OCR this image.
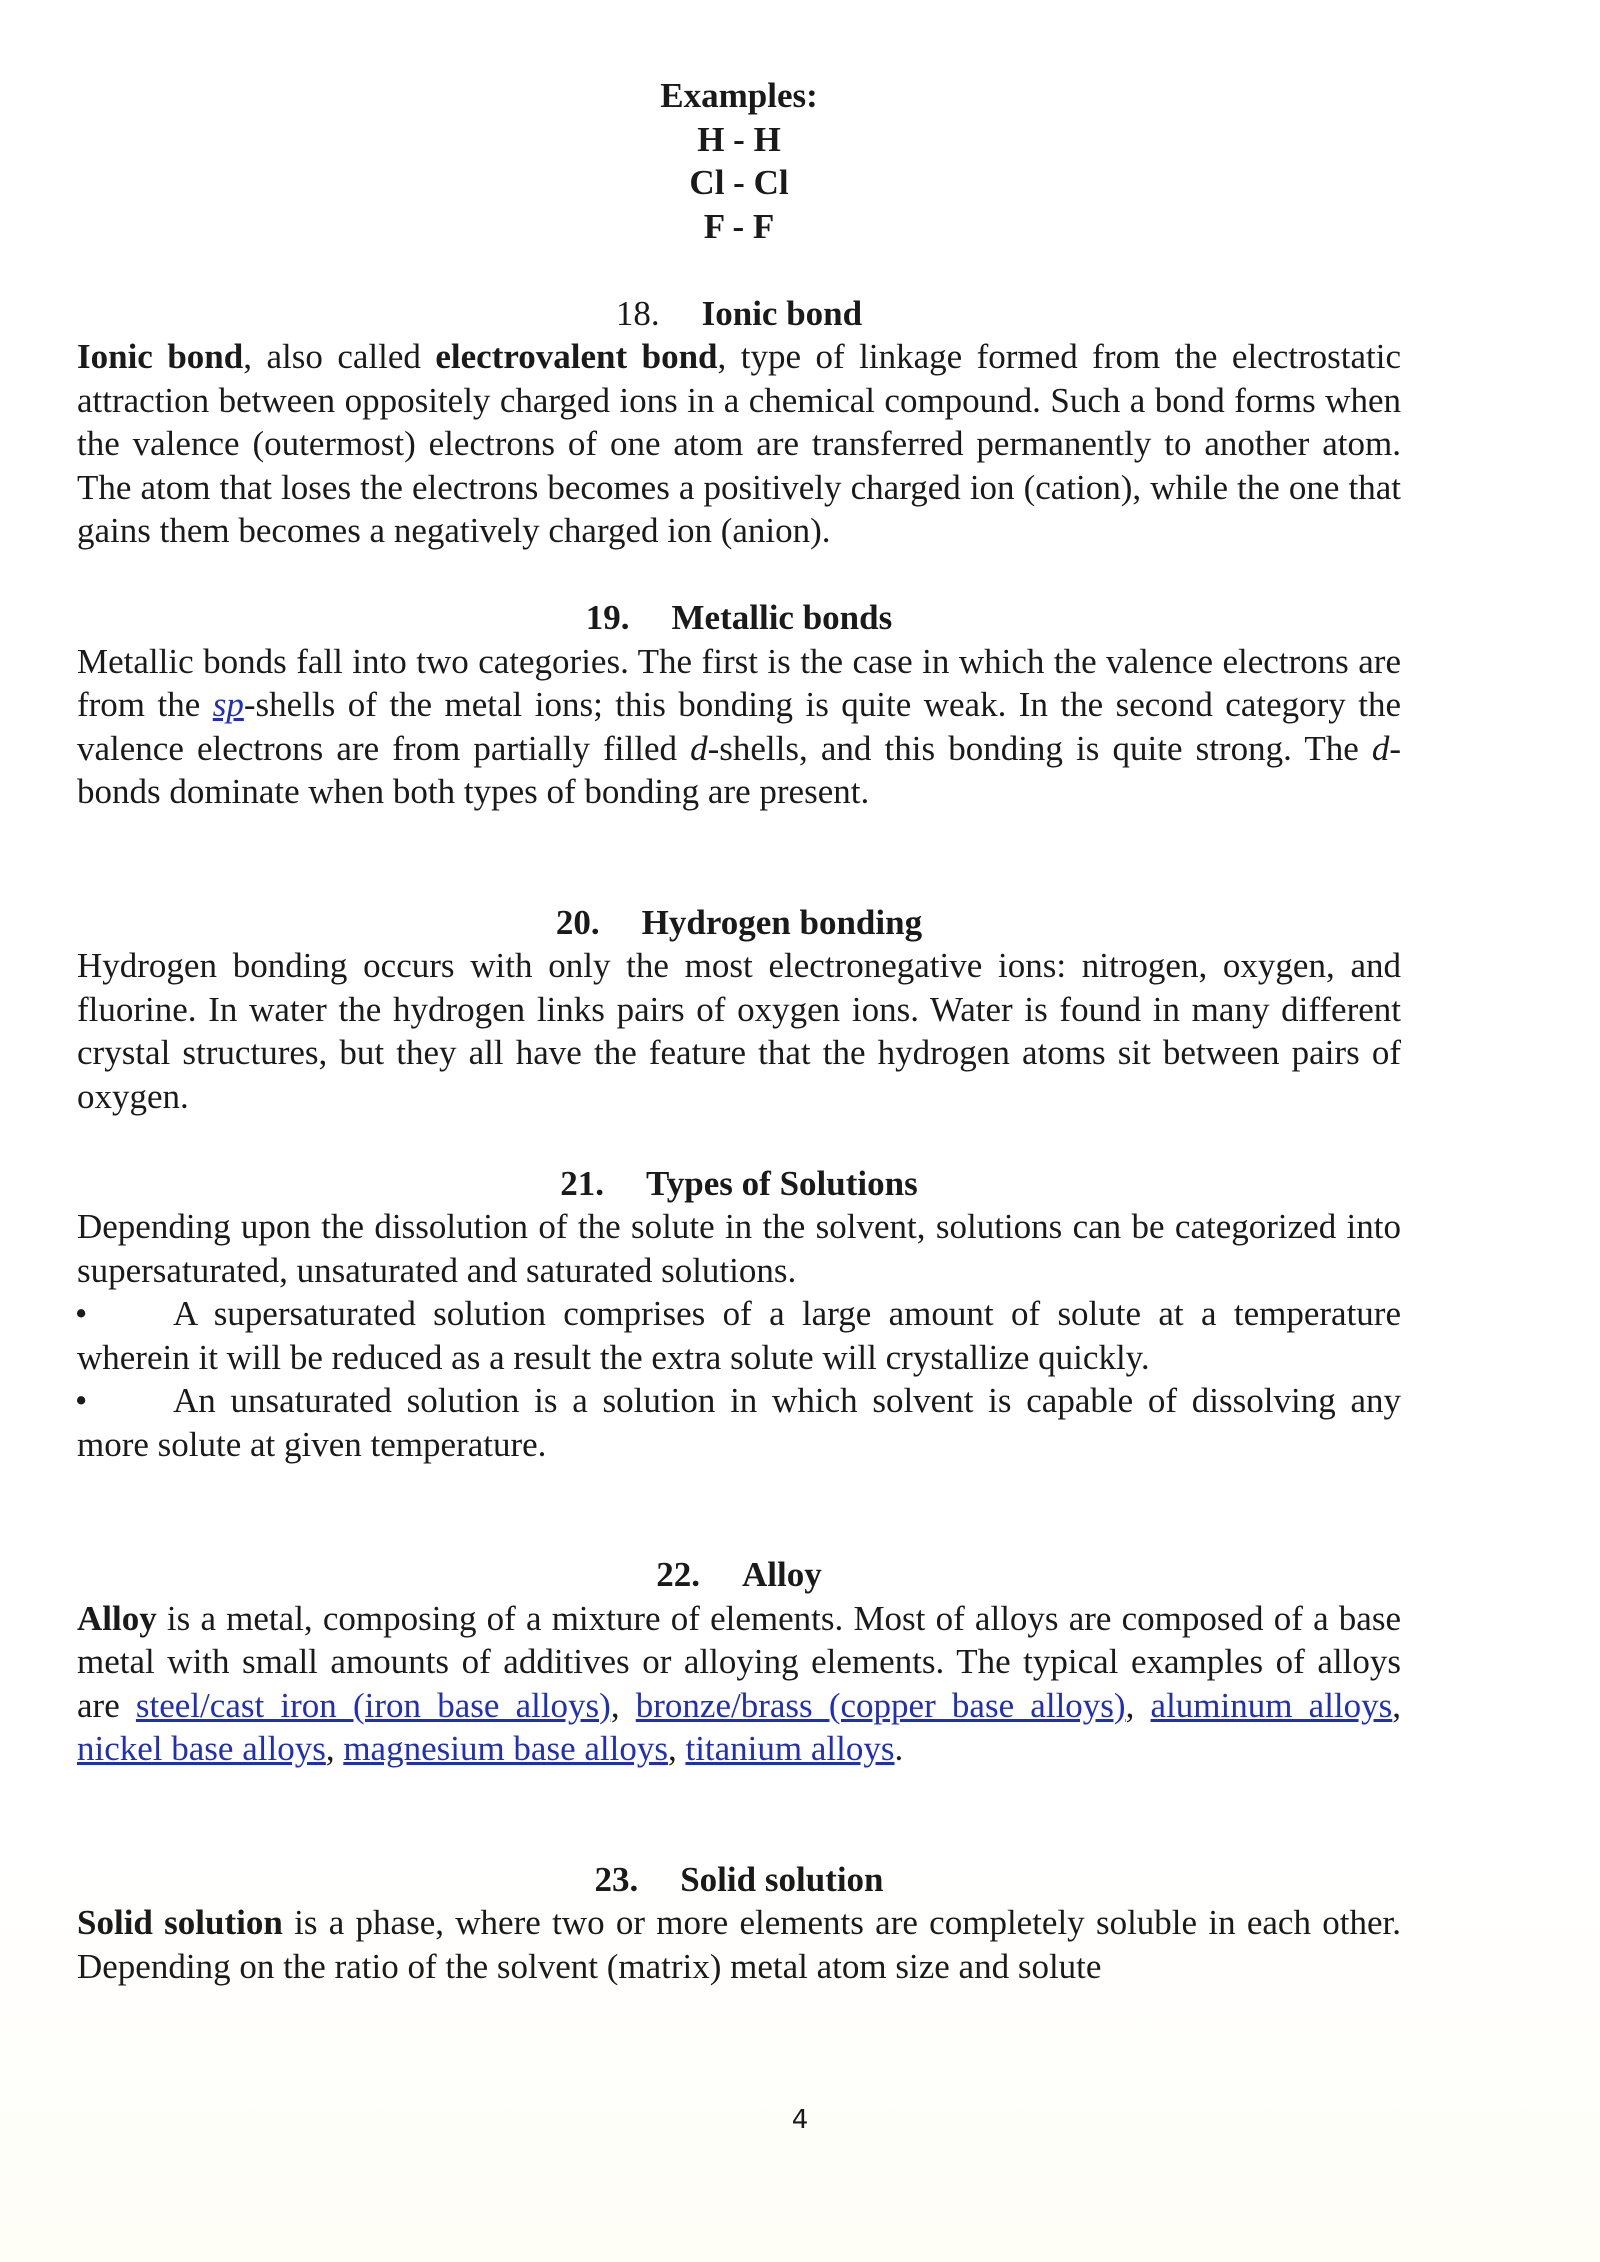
Examples:
H - H
Cl - Cl
F - F
18. Ionic bond

Ionic bond, also called electrovalent bond, type of linkage formed from the electrostatic attraction between oppositely charged ions in a chemical compound. Such a bond forms when the valence (outermost) electrons of one atom are transferred permanently to another atom. The atom that loses the electrons becomes a positively charged ion (cation), while the one that gains them becomes a negatively charged ion (anion).

19. Metallic bonds

Metallic bonds fall into two categories. The first is the case in which the valence electrons are from the sp-shells of the metal ions; this bonding is quite weak. In the second category the valence electrons are from partially filled d-shells, and this bonding is quite strong. The d-bonds dominate when both types of bonding are present.

20. Hydrogen bonding

Hydrogen bonding occurs with only the most electronegative ions: nitrogen, oxygen, and fluorine. In water the hydrogen links pairs of oxygen ions. Water is found in many different crystal structures, but they all have the feature that the hydrogen atoms sit between pairs of oxygen.

21. Types of Solutions

Depending upon the dissolution of the solute in the solvent, solutions can be categorized into supersaturated, unsaturated and saturated solutions.

• A supersaturated solution comprises of a large amount of solute at a temperature wherein it will be reduced as a result the extra solute will crystallize quickly.

• An unsaturated solution is a solution in which solvent is capable of dissolving any more solute at given temperature.

22. Alloy

Alloy is a metal, composing of a mixture of elements. Most of alloys are composed of a base metal with small amounts of additives or alloying elements. The typical examples of alloys are steel/cast iron (iron base alloys), bronze/brass (copper base alloys), aluminum alloys, nickel base alloys, magnesium base alloys, titanium alloys.

23. Solid solution

Solid solution is a phase, where two or more elements are completely soluble in each other. Depending on the ratio of the solvent (matrix) metal atom size and solute

4
